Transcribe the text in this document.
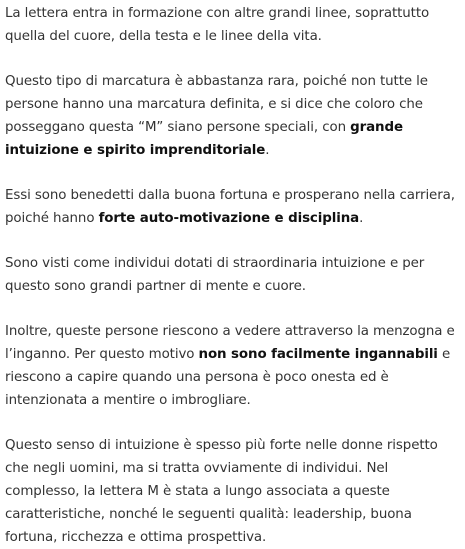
La lettera entra in formazione con altre grandi linee, soprattutto quella del cuore, della testa e le linee della vita.

Questo tipo di marcatura è abbastanza rara, poiché non tutte le persone hanno una marcatura definita, e si dice che coloro che posseggano questa “M” siano persone speciali, con grande intuizione e spirito imprenditoriale.

Essi sono benedetti dalla buona fortuna e prosperano nella carriera, poiché hanno forte auto-motivazione e disciplina.

Sono visti come individui dotati di straordinaria intuizione e per questo sono grandi partner di mente e cuore.

Inoltre, queste persone riescono a vedere attraverso la menzogna e l’inganno. Per questo motivo non sono facilmente ingannabili e riescono a capire quando una persona è poco onesta ed è intenzionata a mentire o imbrogliare.

Questo senso di intuizione è spesso più forte nelle donne rispetto che negli uomini, ma si tratta ovviamente di individui. Nel complesso, la lettera M è stata a lungo associata a queste caratteristiche, nonché le seguenti qualità: leadership, buona fortuna, ricchezza e ottima prospettiva.
